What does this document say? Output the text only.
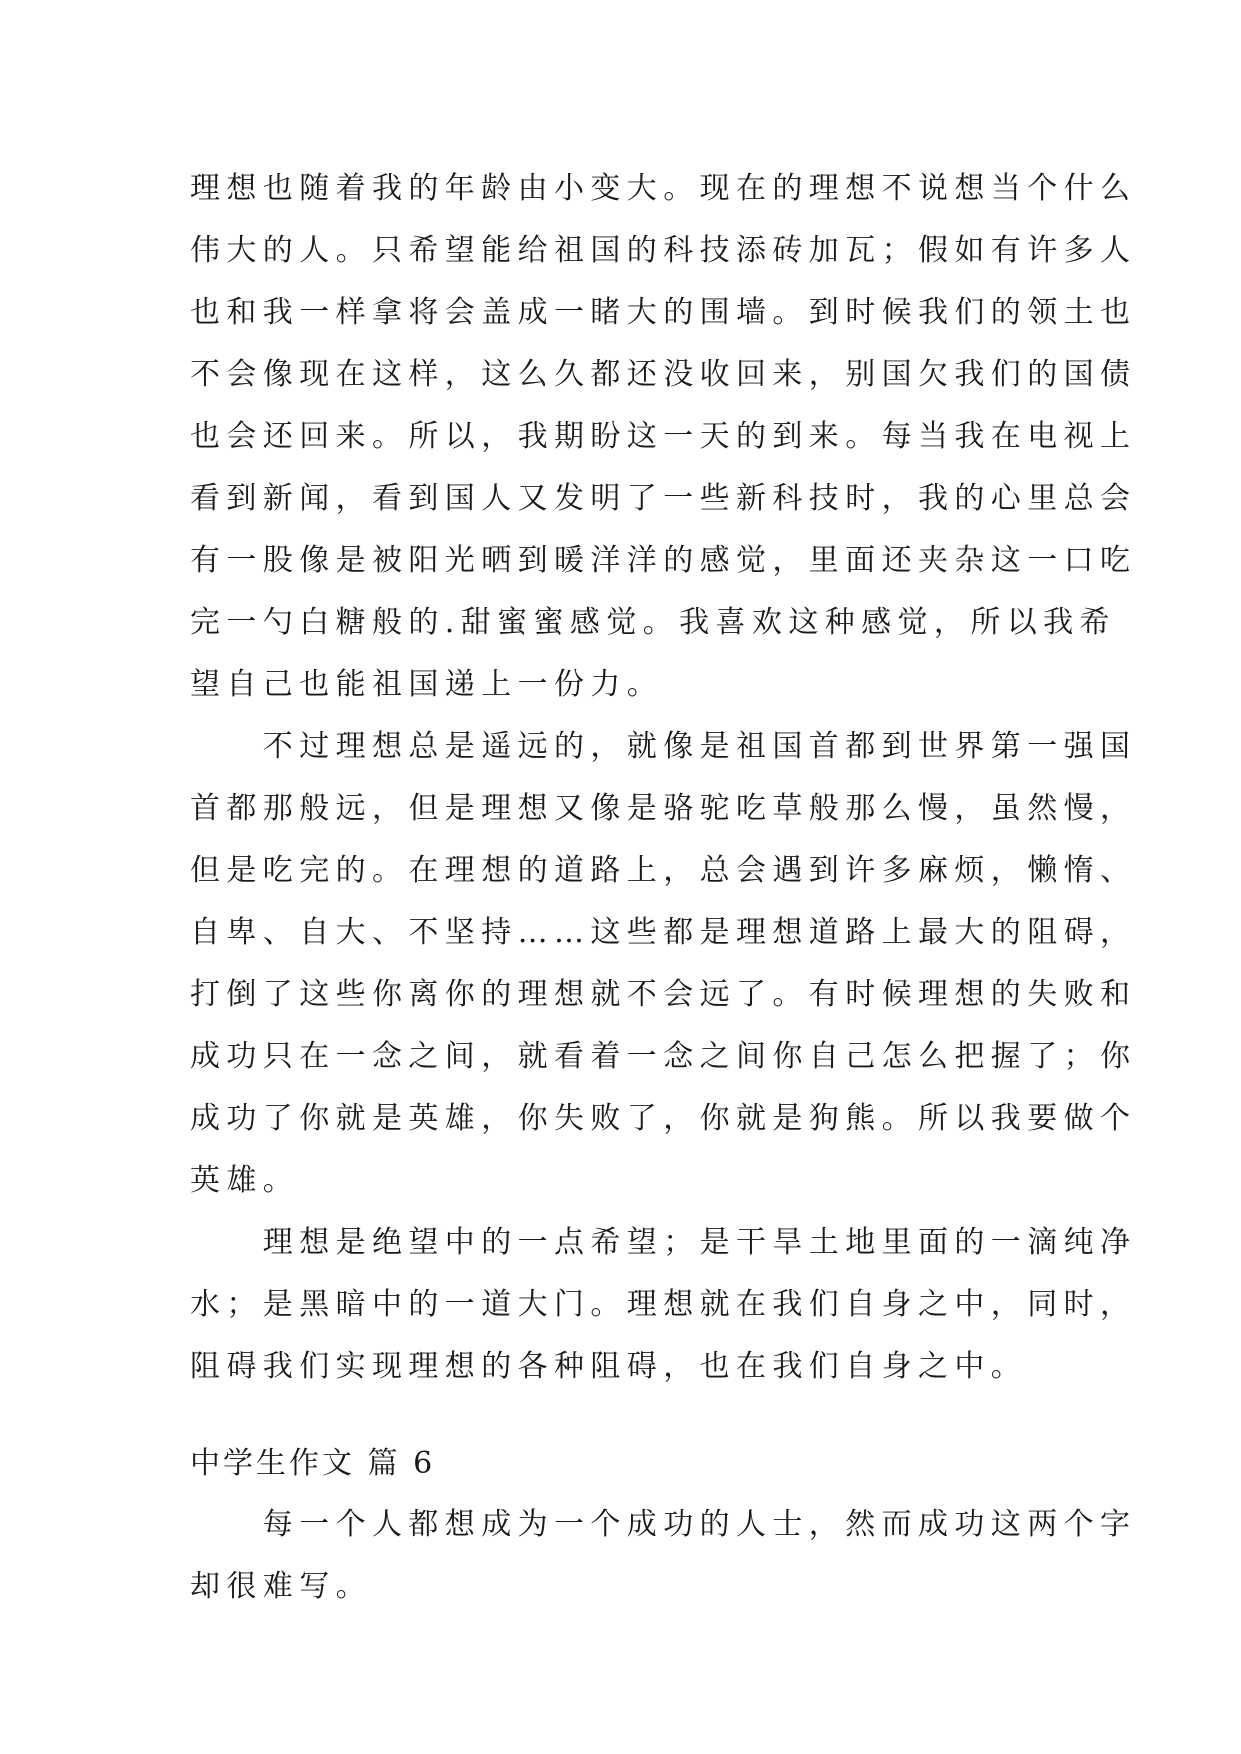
理想也随着我的年龄由小变大。现在的理想不说想当个什么
伟大的人。只希望能给祖国的科技添砖加瓦；假如有许多人
也和我一样拿将会盖成一睹大的围墙。到时候我们的领土也
不会像现在这样，这么久都还没收回来，别国欠我们的国债
也会还回来。所以，我期盼这一天的到来。每当我在电视上
看到新闻，看到国人又发明了一些新科技时，我的心里总会
有一股像是被阳光晒到暖洋洋的感觉，里面还夹杂这一口吃
完一勺白糖般的.甜蜜蜜感觉。我喜欢这种感觉，所以我希
望自己也能祖国递上一份力。
　　不过理想总是遥远的，就像是祖国首都到世界第一强国
首都那般远，但是理想又像是骆驼吃草般那么慢，虽然慢，
但是吃完的。在理想的道路上，总会遇到许多麻烦，懒惰、
自卑、自大、不坚持……这些都是理想道路上最大的阻碍，
打倒了这些你离你的理想就不会远了。有时候理想的失败和
成功只在一念之间，就看着一念之间你自己怎么把握了；你
成功了你就是英雄，你失败了，你就是狗熊。所以我要做个
英雄。
　　理想是绝望中的一点希望；是干旱土地里面的一滴纯净
水；是黑暗中的一道大门。理想就在我们自身之中，同时，
阻碍我们实现理想的各种阻碍，也在我们自身之中。
中学生作文 篇 6
　　每一个人都想成为一个成功的人士，然而成功这两个字
却很难写。
